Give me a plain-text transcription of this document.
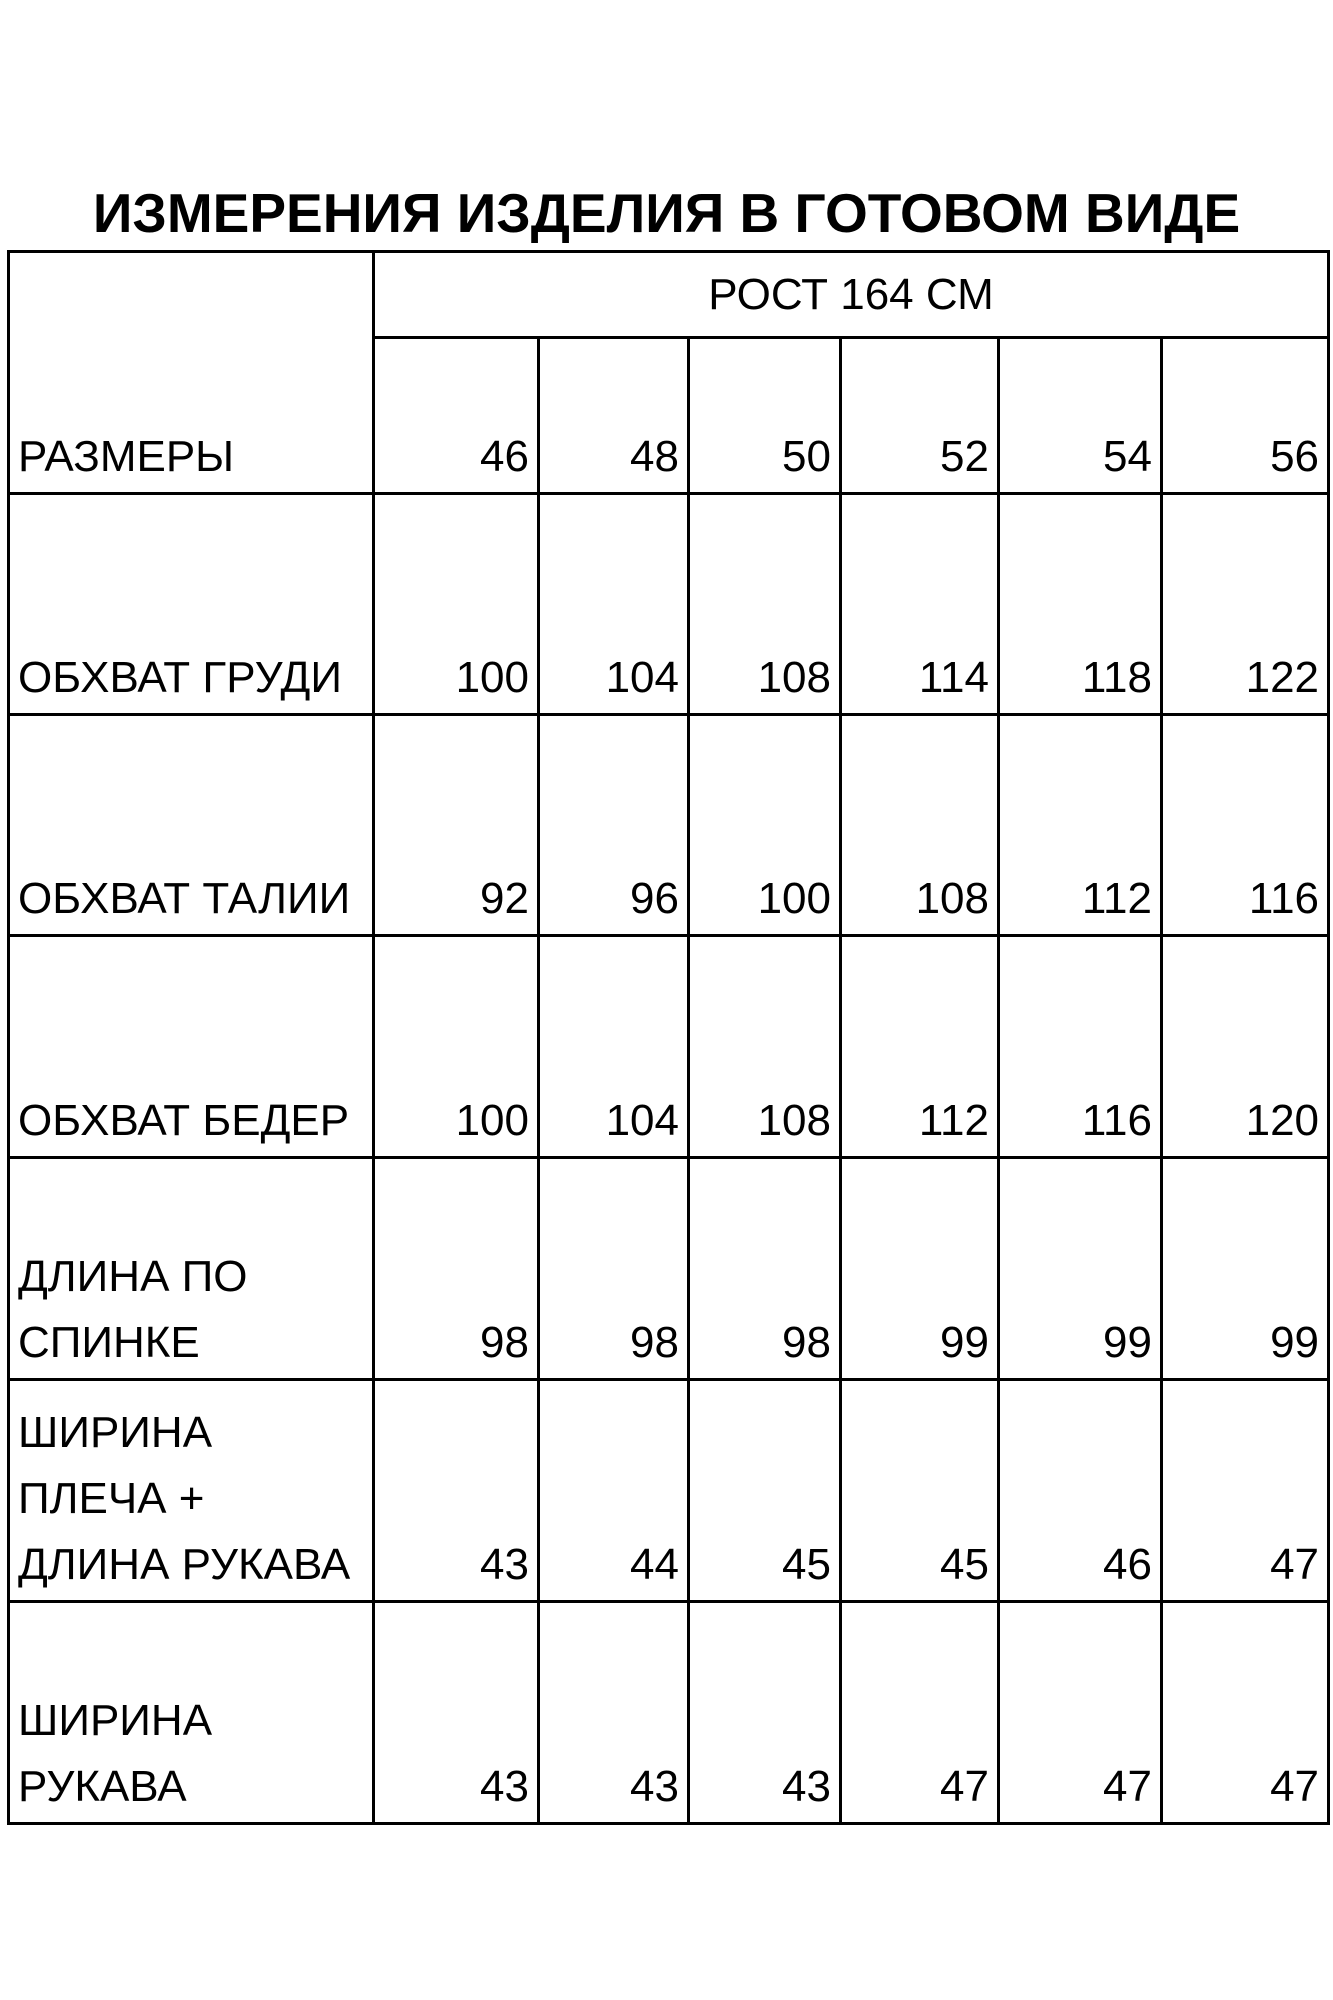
ИЗМЕРЕНИЯ ИЗДЕЛИЯ В ГОТОВОМ ВИДЕ
РАЗМЕРЫ	РОСТ 164 СМ					
	46	48	50	52	54	56

ОБХВАТ ГРУДИ	100	104	108	114	118	122

ОБХВАТ ТАЛИИ	92	96	100	108	112	116

ОБХВАТ БЕДЕР	100	104	108	112	116	120

ДЛИНА ПО
СПИНКЕ	98	98	98	99	99	99

ШИРИНА
ПЛЕЧА +
ДЛИНА РУКАВА	43	44	45	45	46	47

ШИРИНА
РУКАВА	43	43	43	47	47	47
